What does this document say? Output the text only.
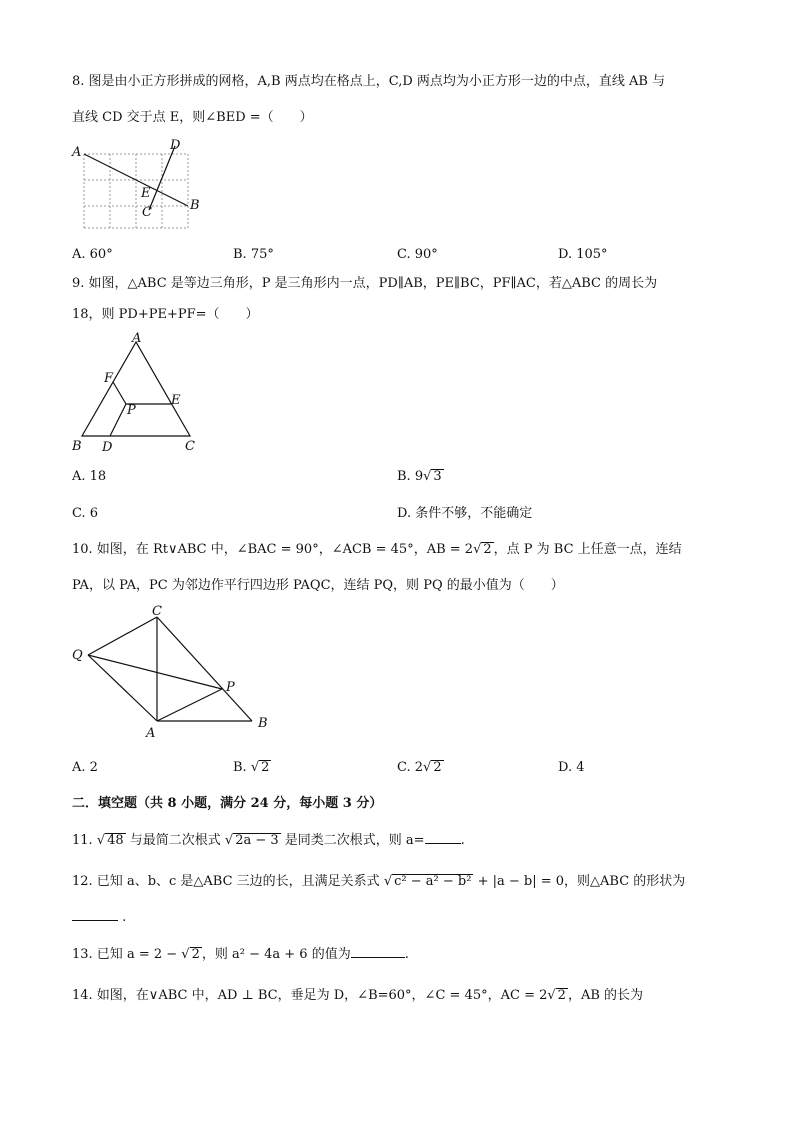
8. 图是由小正方形拼成的网格，A,B 两点均在格点上，C,D 两点均为小正方形一边的中点，直线 AB 与
直线 CD 交于点 E，则∠BED =（　　）
A	D
E
C	B
A. 60°	B. 75°	C. 90°	D. 105°
9. 如图，△ABC 是等边三角形，P 是三角形内一点，PD∥AB，PE∥BC，PF∥AC，若△ABC 的周长为
18，则 PD+PE+PF=（　　）
A
F
E
P
B D	C
A. 18	B. 9√ 3
C. 6	D. 条件不够，不能确定
10. 如图，在 Rt∨ABC 中，∠BAC = 90°，∠ACB = 45°，AB = 2√ 2 ，点 P 为 BC 上任意一点，连结
PA，以 PA，PC 为邻边作平行四边形 PAQC，连结 PQ，则 PQ 的最小值为（　　）
C
Q
P
A
B
A. 2	B. √ 2	C. 2√ 2	D. 4
二．填空题（共 8 小题，满分 24 分，每小题 3 分）
11. √ 48 与最简二次根式 √ 2a − 3 是同类二次根式，则 a=	.
12. 已知 a、b、c 是△ABC 三边的长，且满足关系式 √ c² − a² − b² + |a − b| = 0，则△ABC 的形状为
.
13. 已知 a = 2 − √ 2 ，则 a² − 4a + 6 的值为	.
14. 如图，在∨ABC 中，AD ⊥ BC，垂足为 D，∠B=60°，∠C = 45°，AC = 2√ 2 ，AB 的长为
